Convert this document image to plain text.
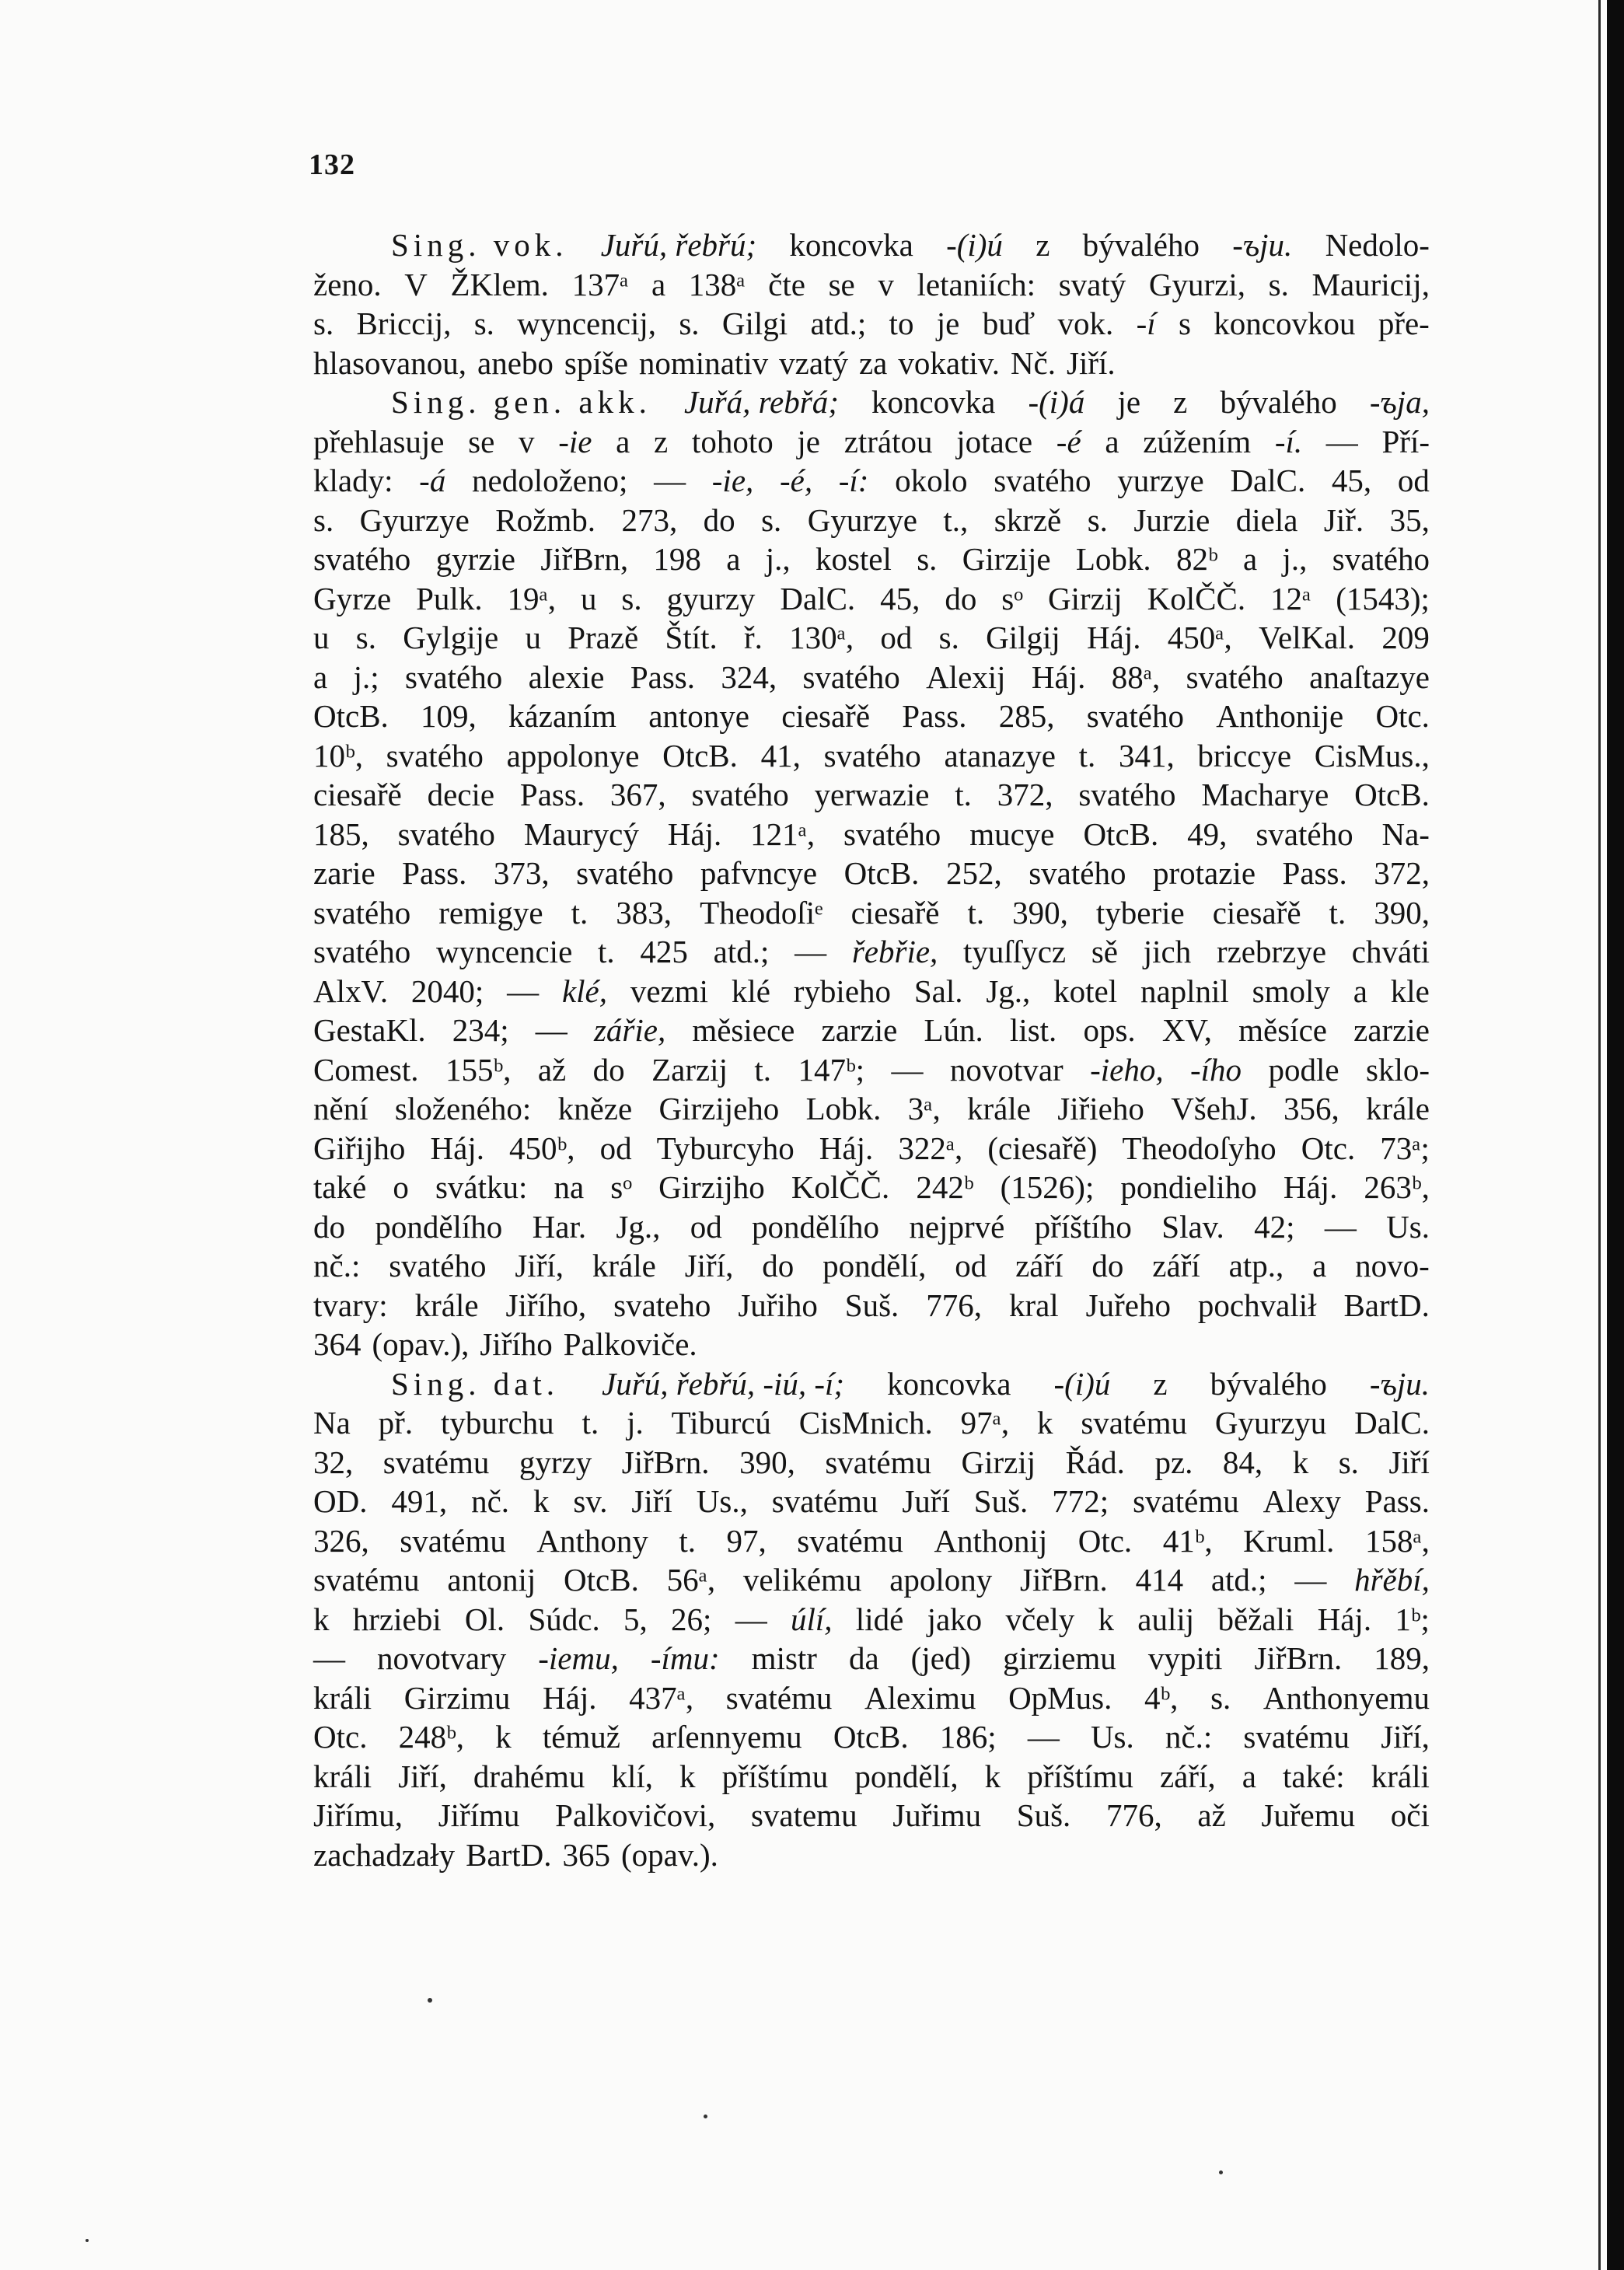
132
Sing. vok. Juřú, řebřú; koncovka -(i)ú z bývalého -ъju. Nedolo-
ženo. V ŽKlem. 137ᵃ a 138ᵃ čte se v letaniích: svatý Gyurzi, s. Mauricij,
s. Briccij, s. wyncencij, s. Gilgi atd.; to je buď vok. -í s koncovkou pře-
hlasovanou, anebo spíše nominativ vzatý za vokativ. Nč. Jiří.
Sing. gen. akk. Juřá, rebřá; koncovka -(i)á je z bývalého -ъja,
přehlasuje se v -ie a z tohoto je ztrátou jotace -é a zúžením -í. — Pří-
klady: -á nedoloženo; — -ie, -é, -í: okolo svatého yurzye DalC. 45, od
s. Gyurzye Rožmb. 273, do s. Gyurzye t., skrzě s. Jurzie diela Jiř. 35,
svatého gyrzie JiřBrn, 198 a j., kostel s. Girzije Lobk. 82ᵇ a j., svatého
Gyrze Pulk. 19ᵃ, u s. gyurzy DalC. 45, do sᵒ Girzij KolČČ. 12ᵃ (1543);
u s. Gylgije u Prazě Štít. ř. 130ᵃ, od s. Gilgij Háj. 450ᵃ, VelKal. 209
a j.; svatého alexie Pass. 324, svatého Alexij Háj. 88ᵃ, svatého anaſtazye
OtcB. 109, kázaním antonye ciesařě Pass. 285, svatého Anthonije Otc.
10ᵇ, svatého appolonye OtcB. 41, svatého atanazye t. 341, briccye CisMus.,
ciesařě decie Pass. 367, svatého yerwazie t. 372, svatého Macharye OtcB.
185, svatého Maurycý Háj. 121ᵃ, svatého mucye OtcB. 49, svatého Na-
zarie Pass. 373, svatého pafvncye OtcB. 252, svatého protazie Pass. 372,
svatého remigye t. 383, Theodoſiᵉ ciesařě t. 390, tyberie ciesařě t. 390,
svatého wyncencie t. 425 atd.; — řebřie, tyuſſycz sě jich rzebrzye chváti
AlxV. 2040; — klé, vezmi klé rybieho Sal. Jg., kotel naplnil smoly a kle
GestaKl. 234; — zářie, měsiece zarzie Lún. list. ops. XV, měsíce zarzie
Comest. 155ᵇ, až do Zarzij t. 147ᵇ; — novotvar -ieho, -ího podle sklo-
nění složeného: kněze Girzijeho Lobk. 3ᵃ, krále Jiřieho VšehJ. 356, krále
Giřijho Háj. 450ᵇ, od Tyburcyho Háj. 322ᵃ, (ciesařě) Theodoſyho Otc. 73ᵃ;
také o svátku: na sᵒ Girzijho KolČČ. 242ᵇ (1526); pondieliho Háj. 263ᵇ,
do pondělího Har. Jg., od pondělího nejprvé příštího Slav. 42; — Us.
nč.: svatého Jiří, krále Jiří, do pondělí, od září do září atp., a novo-
tvary: krále Jiřího, svateho Juřiho Suš. 776, kral Juřeho pochvalił BartD.
364 (opav.), Jiřího Palkoviče.
Sing. dat. Juřú, řebřú, -iú, -í; koncovka -(i)ú z bývalého -ъju.
Na př. tyburchu t. j. Tiburcú CisMnich. 97ᵃ, k svatému Gyurzyu DalC.
32, svatému gyrzy JiřBrn. 390, svatému Girzij Řád. pz. 84, k s. Jiří
OD. 491, nč. k sv. Jiří Us., svatému Juří Suš. 772; svatému Alexy Pass.
326, svatému Anthony t. 97, svatému Anthonij Otc. 41ᵇ, Kruml. 158ᵃ,
svatému antonij OtcB. 56ᵃ, velikému apolony JiřBrn. 414 atd.; — hřěbí,
k hrziebi Ol. Súdc. 5, 26; — úlí, lidé jako včely k aulij běžali Háj. 1ᵇ;
— novotvary -iemu, -ímu: mistr da (jed) girziemu vypiti JiřBrn. 189,
králi Girzimu Háj. 437ᵃ, svatému Aleximu OpMus. 4ᵇ, s. Anthonyemu
Otc. 248ᵇ, k témuž arſennyemu OtcB. 186; — Us. nč.: svatému Jiří,
králi Jiří, drahému klí, k příštímu pondělí, k příštímu září, a také: králi
Jiřímu, Jiřímu Palkovičovi, svatemu Juřimu Suš. 776, až Juřemu oči
zachadzały BartD. 365 (opav.).
